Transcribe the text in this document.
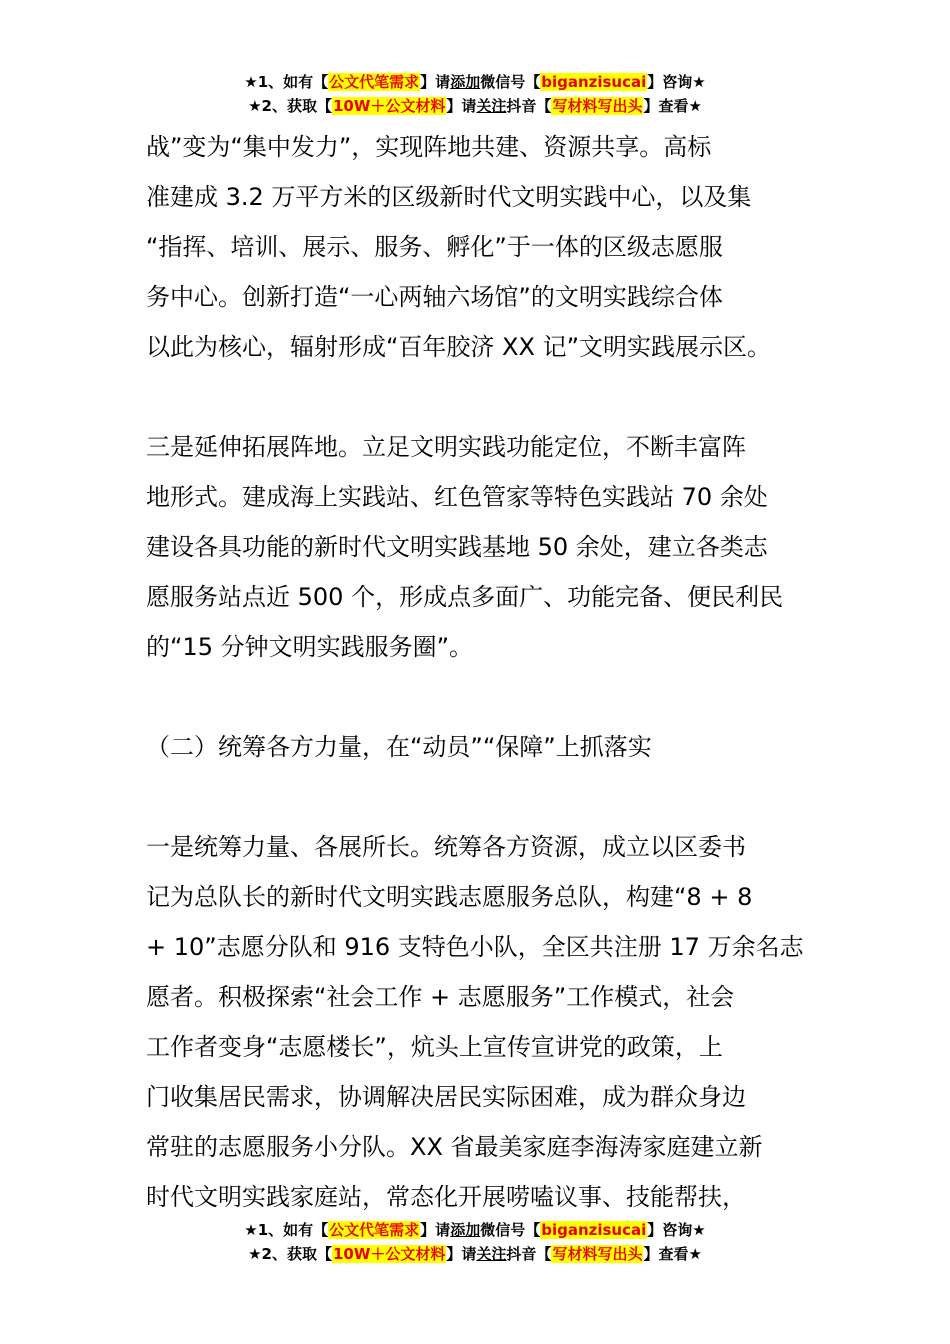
★1、如有【公文代笔需求】请添加微信号【biganzisucai】咨询★
★2、获取【10W＋公文材料】请关注抖音【写材料写出头】查看★

战”变为“集中发力”，实现阵地共建、资源共享。高标
准建成 3.2 万平方米的区级新时代文明实践中心，以及集
“指挥、培训、展示、服务、孵化”于一体的区级志愿服
务中心。创新打造“一心两轴六场馆”的文明实践综合体
以此为核心，辐射形成“百年胶济 XX 记”文明实践展示区。

三是延伸拓展阵地。立足文明实践功能定位，不断丰富阵
地形式。建成海上实践站、红色管家等特色实践站 70 余处
建设各具功能的新时代文明实践基地 50 余处，建立各类志
愿服务站点近 500 个，形成点多面广、功能完备、便民利民
的“15 分钟文明实践服务圈”。

（二）统筹各方力量，在“动员”“保障”上抓落实

一是统筹力量、各展所长。统筹各方资源，成立以区委书
记为总队长的新时代文明实践志愿服务总队，构建“8 + 8
+ 10”志愿分队和 916 支特色小队，全区共注册 17 万余名志
愿者。积极探索“社会工作 + 志愿服务”工作模式，社会
工作者变身“志愿楼长”，炕头上宣传宣讲党的政策，上
门收集居民需求，协调解决居民实际困难，成为群众身边
常驻的志愿服务小分队。XX 省最美家庭李海涛家庭建立新
时代文明实践家庭站，常态化开展唠嗑议事、技能帮扶，

★1、如有【公文代笔需求】请添加微信号【biganzisucai】咨询★
★2、获取【10W＋公文材料】请关注抖音【写材料写出头】查看★
